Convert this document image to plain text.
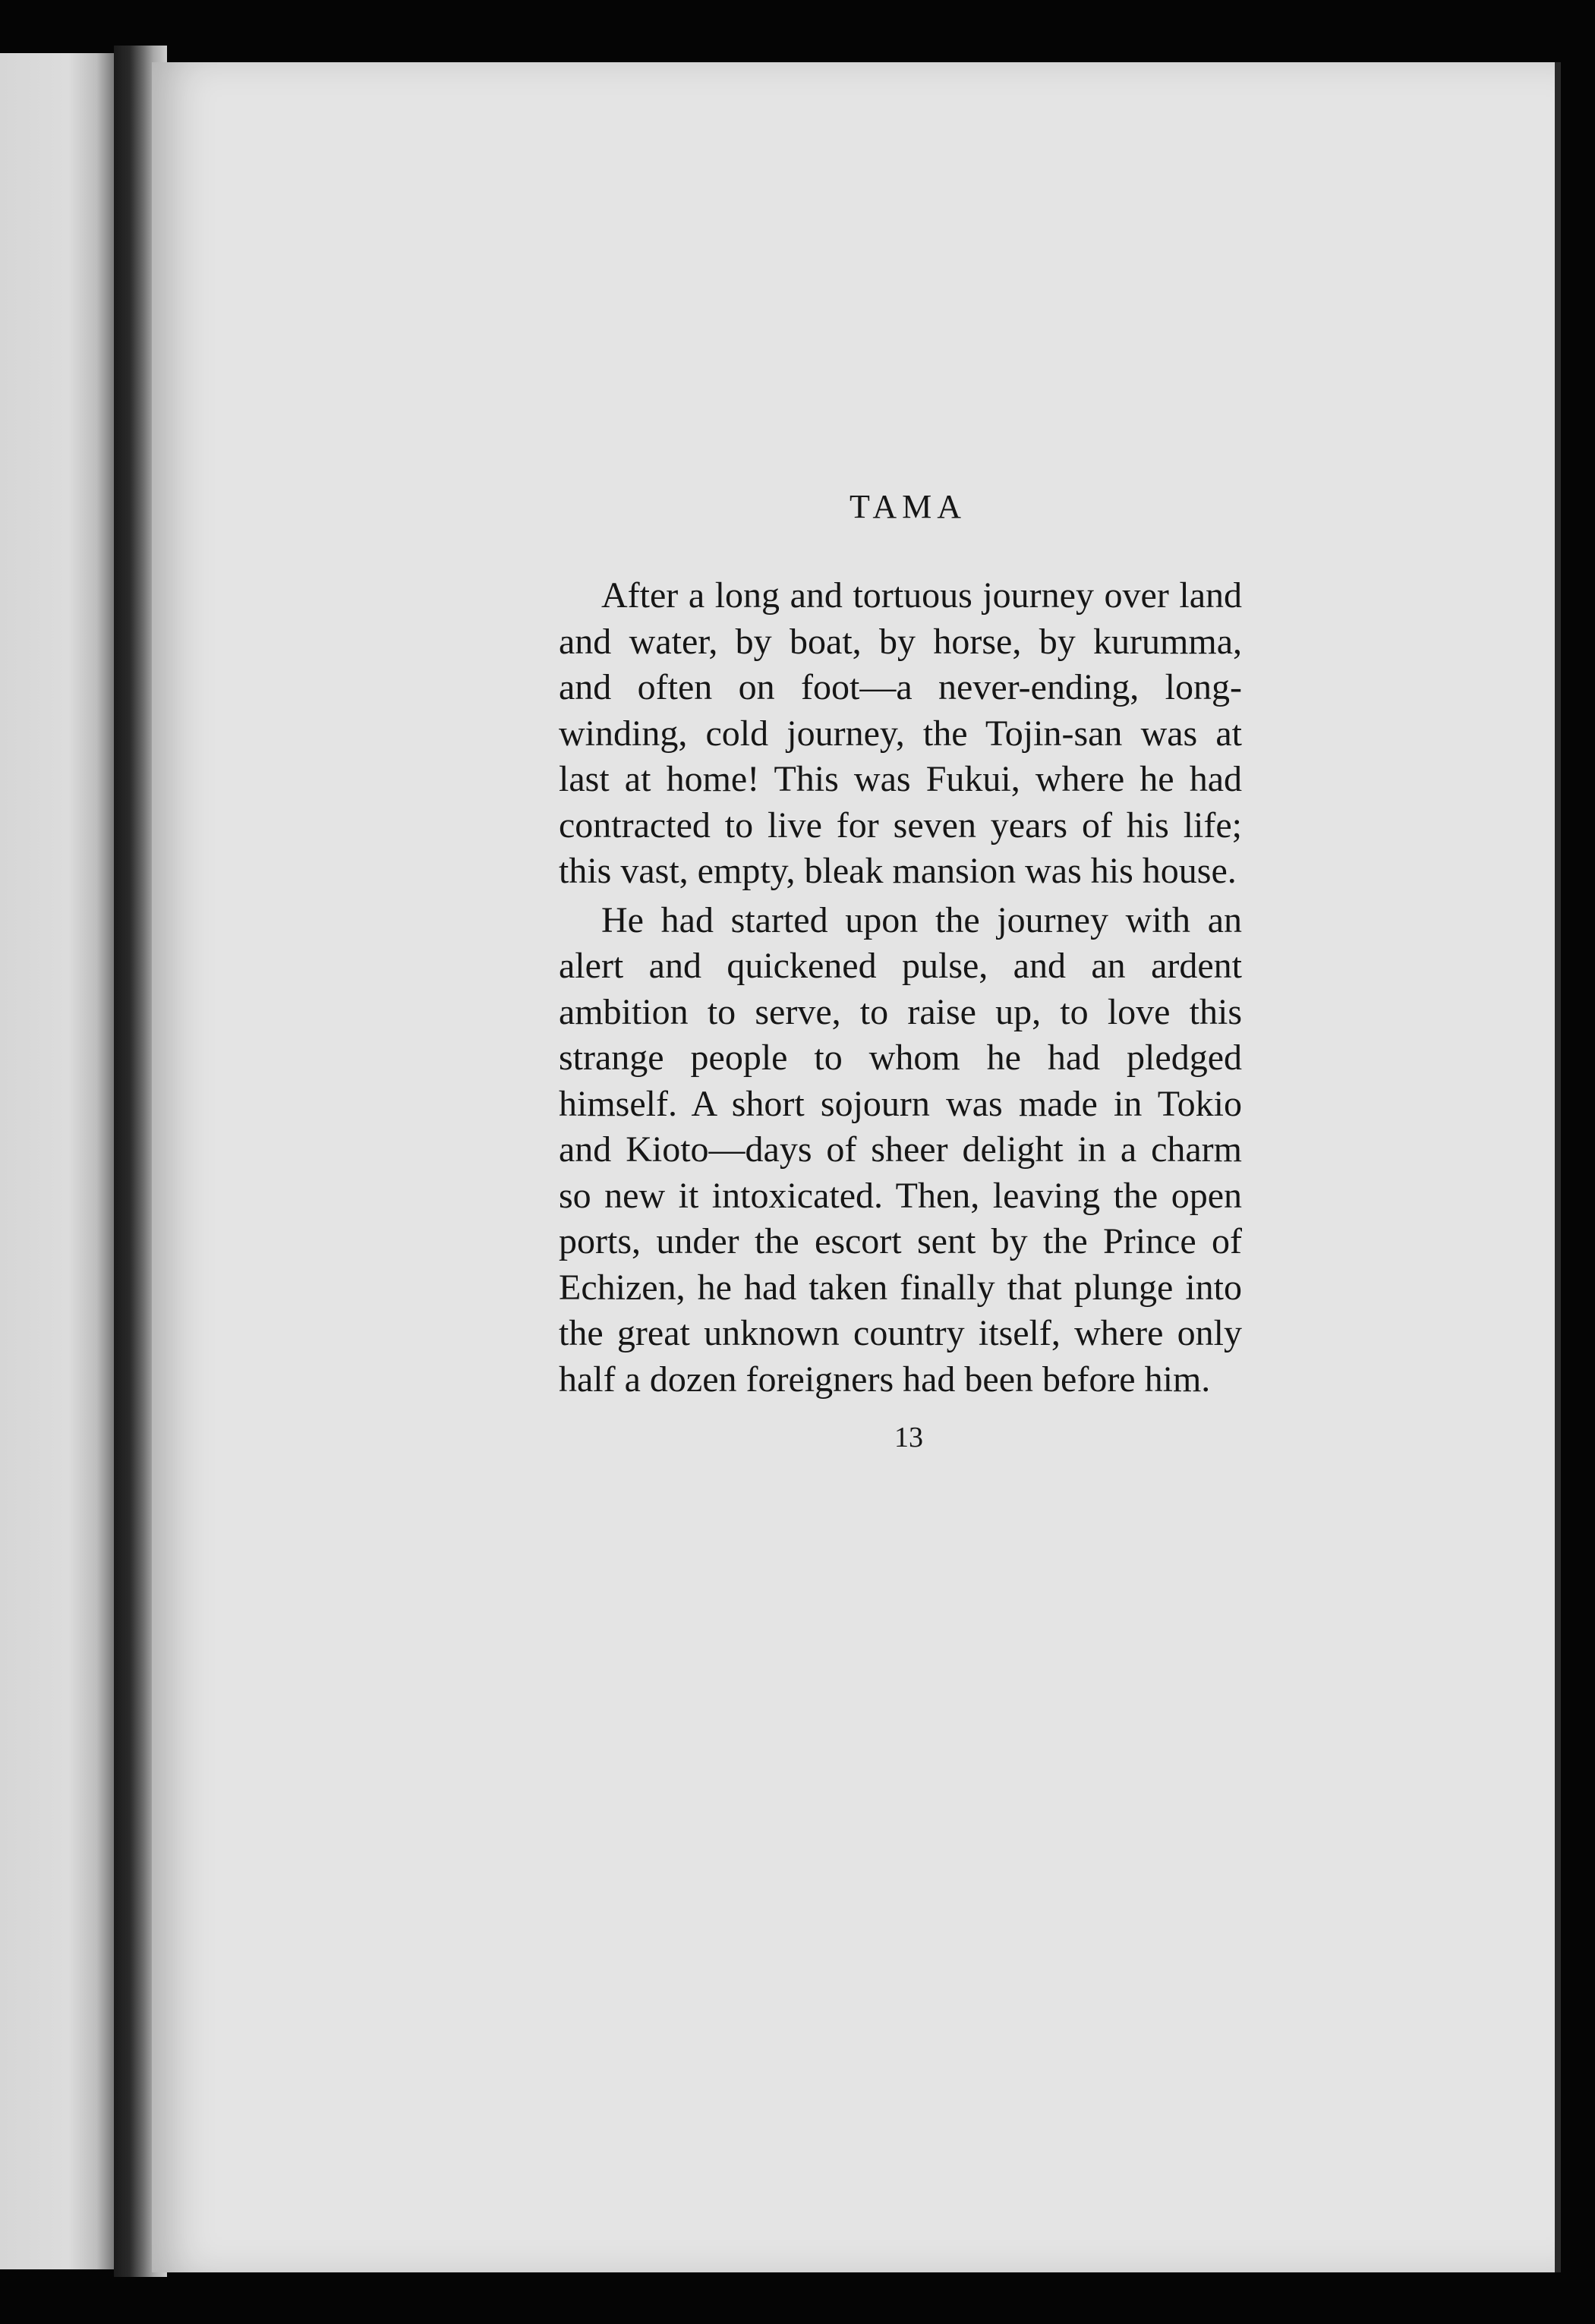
TAMA

After a long and tortuous journey over land and water, by boat, by horse, by kurumma, and often on foot—a never-ending, long-winding, cold journey, the Tojin-san was at last at home! This was Fukui, where he had contracted to live for seven years of his life; this vast, empty, bleak mansion was his house.

He had started upon the journey with an alert and quickened pulse, and an ardent ambition to serve, to raise up, to love this strange people to whom he had pledged himself. A short sojourn was made in Tokio and Kioto—days of sheer delight in a charm so new it intoxicated. Then, leaving the open ports, under the escort sent by the Prince of Echizen, he had taken finally that plunge into the great unknown country itself, where only half a dozen foreigners had been before him.

13
